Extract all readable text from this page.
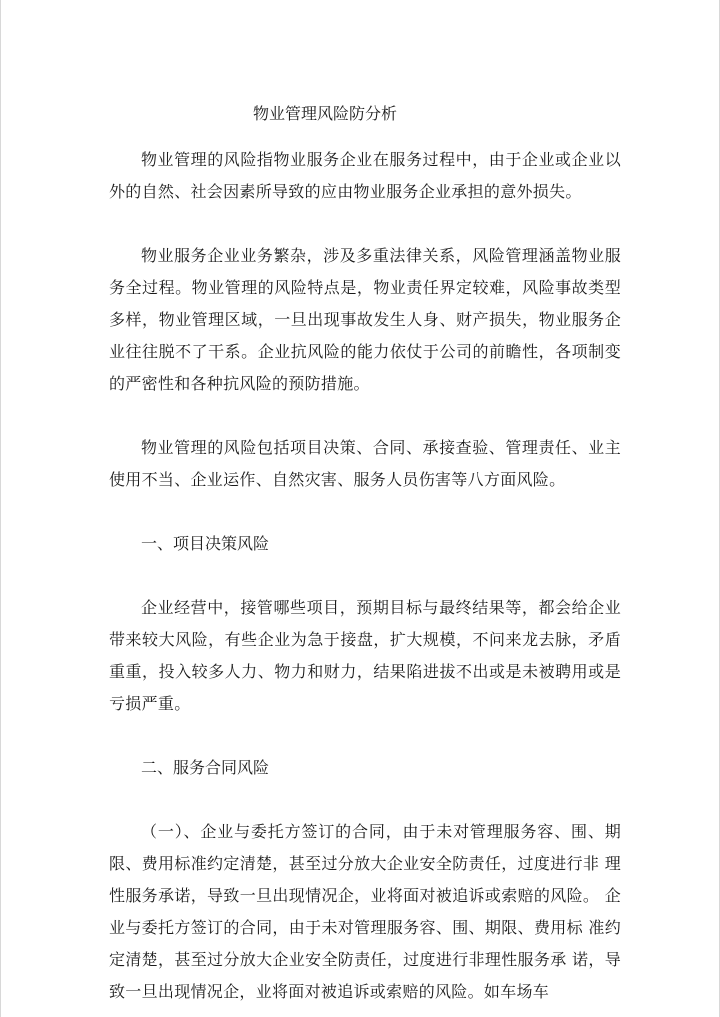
物业管理风险防分析

物业管理的风险指物业服务企业在服务过程中，由于企业或企业以外的自然、社会因素所导致的应由物业服务企业承担的意外损失。

物业服务企业业务繁杂，涉及多重法律关系，风险管理涵盖物业服务全过程。物业管理的风险特点是，物业责任界定较难，风险事故类型多样，物业管理区域，一旦出现事故发生人身、财产损失，物业服务企业往往脱不了干系。企业抗风险的能力依仗于公司的前瞻性，各项制变的严密性和各种抗风险的预防措施。

物业管理的风险包括项目决策、合同、承接查验、管理责任、业主使用不当、企业运作、自然灾害、服务人员伤害等八方面风险。

一、项目决策风险

企业经营中，接管哪些项目，预期目标与最终结果等，都会给企业带来较大风险，有些企业为急于接盘，扩大规模，不问来龙去脉，矛盾重重，投入较多人力、物力和财力，结果陷进拔不出或是未被聘用或是亏损严重。

二、服务合同风险

（一）、企业与委托方签订的合同，由于未对管理服务容、围、期 限、费用标准约定清楚，甚至过分放大企业安全防责任，过度进行非 理性服务承诺，导致一旦出现情况企，业将面对被追诉或索赔的风险。 企业与委托方签订的合同，由于未对管理服务容、围、期限、费用标 准约定清楚，甚至过分放大企业安全防责任，过度进行非理性服务承 诺，导致一旦出现情况企，业将面对被追诉或索赔的风险。如车场车
